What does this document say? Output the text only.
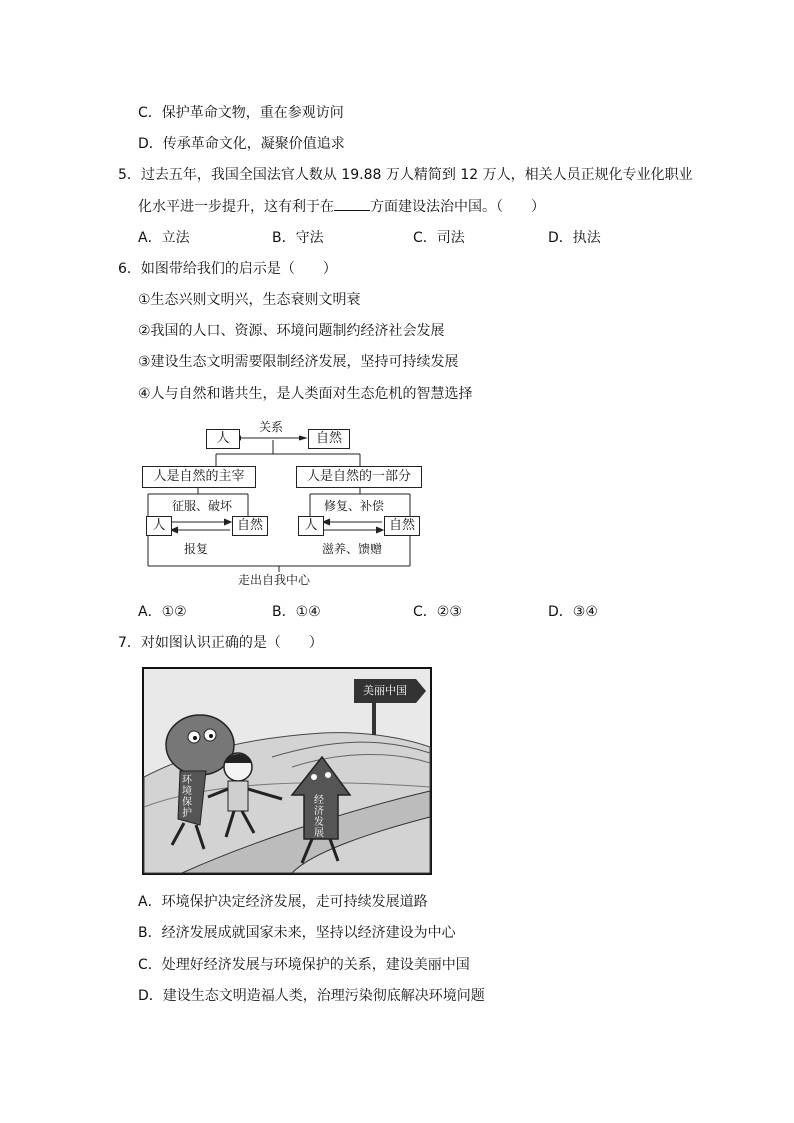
C．保护革命文物，重在参观访问
D．传承革命文化，凝聚价值追求
5．过去五年，我国全国法官人数从 19.88 万人精简到 12 万人，相关人员正规化专业化职业
化水平进一步提升，这有利于在	方面建设法治中国。（　　）
A．立法	B．守法	C．司法	D．执法
6．如图带给我们的启示是（　　）
①生态兴则文明兴，生态衰则文明衰
②我国的人口、资源、环境问题制约经济社会发展
③建设生态文明需要限制经济发展，坚持可持续发展
④人与自然和谐共生，是人类面对生态危机的智慧选择
关系
人	自然
人是自然的主宰	人是自然的一部分
征服、破坏	修复、补偿
人	自然	人	自然
报复	滋养、馈赠
走出自我中心
A．①②	B．①④	C．②③	D．③④
7．对如图认识正确的是（　　）
美丽中国
环境保护
经济发展
A．环境保护决定经济发展，走可持续发展道路
B．经济发展成就国家未来，坚持以经济建设为中心
C．处理好经济发展与环境保护的关系，建设美丽中国
D．建设生态文明造福人类，治理污染彻底解决环境问题
